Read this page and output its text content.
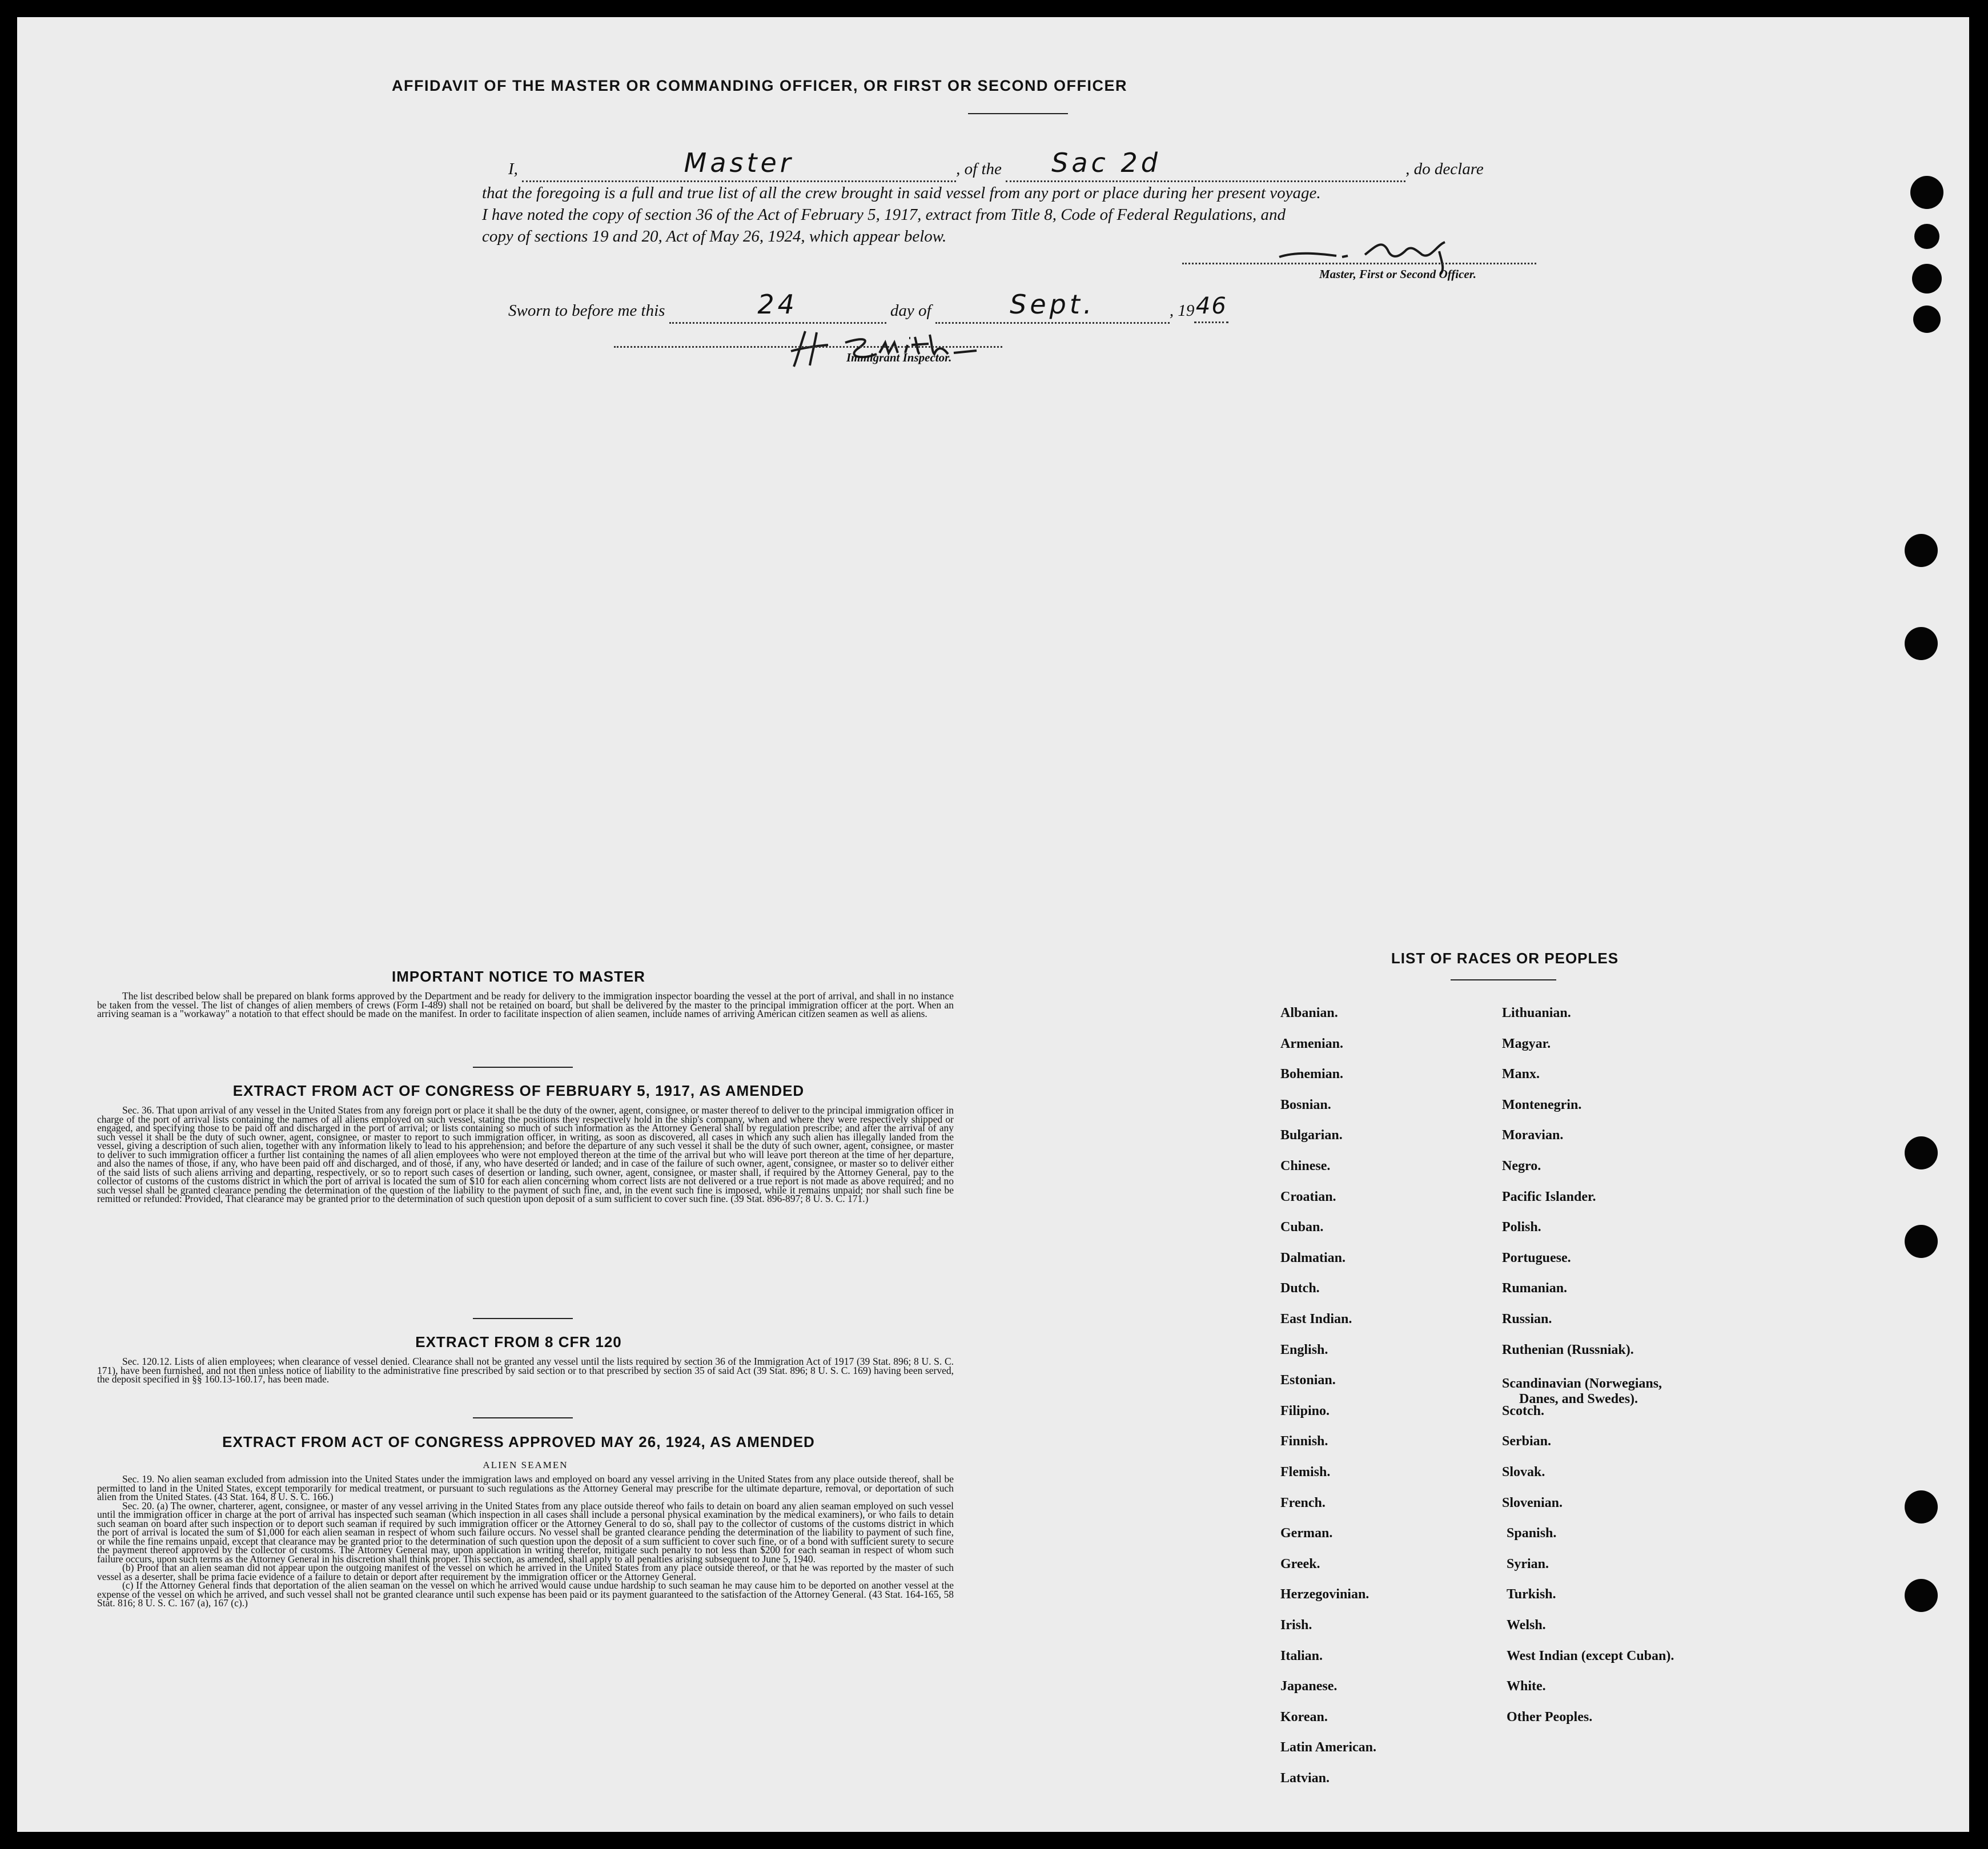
AFFIDAVIT OF THE MASTER OR COMMANDING OFFICER, OR FIRST OR SECOND OFFICER
I,	Master	, of the Sac 2d	, do declare
that the foregoing is a full and true list of all the crew brought in said vessel from any port or place during her present voyage.
I have noted the copy of section 36 of the Act of February 5, 1917, extract from Title 8, Code of Federal Regulations, and
copy of sections 19 and 20, Act of May 26, 1924, which appear below.
Master, First or Second Officer.
Sworn to before me this	24	day of	Sept.	, 1946
Immigrant Inspector.
IMPORTANT NOTICE TO MASTER

The list described below shall be prepared on blank forms approved by the Department and be ready for delivery to the immigration inspector boarding the vessel at the port of arrival, and shall in no instance be taken from the vessel. The list of changes of alien members of crews (Form I-489) shall not be retained on board, but shall be delivered by the master to the principal immigration officer at the port. When an arriving seaman is a "workaway" a notation to that effect should be made on the manifest. In order to facilitate inspection of alien seamen, include names of arriving American citizen seamen as well as aliens.

EXTRACT FROM ACT OF CONGRESS OF FEBRUARY 5, 1917, AS AMENDED

Sec. 36. That upon arrival of any vessel in the United States from any foreign port or place it shall be the duty of the owner, agent, consignee, or master thereof to deliver to the principal immigration officer in charge of the port of arrival lists containing the names of all aliens employed on such vessel, stating the positions they respectively hold in the ship's company, when and where they were respectively shipped or engaged, and specifying those to be paid off and discharged in the port of arrival; or lists containing so much of such information as the Attorney General shall by regulation prescribe; and after the arrival of any such vessel it shall be the duty of such owner, agent, consignee, or master to report to such immigration officer, in writing, as soon as discovered, all cases in which any such alien has illegally landed from the vessel, giving a description of such alien, together with any information likely to lead to his apprehension; and before the departure of any such vessel it shall be the duty of such owner, agent, consignee, or master to deliver to such immigration officer a further list containing the names of all alien employees who were not employed thereon at the time of the arrival but who will leave port thereon at the time of her departure, and also the names of those, if any, who have been paid off and discharged, and of those, if any, who have deserted or landed; and in case of the failure of such owner, agent, consignee, or master so to deliver either of the said lists of such aliens arriving and departing, respectively, or so to report such cases of desertion or landing, such owner, agent, consignee, or master shall, if required by the Attorney General, pay to the collector of customs of the customs district in which the port of arrival is located the sum of $10 for each alien concerning whom correct lists are not delivered or a true report is not made as above required; and no such vessel shall be granted clearance pending the determination of the question of the liability to the payment of such fine, and, in the event such fine is imposed, while it remains unpaid; nor shall such fine be remitted or refunded: Provided, That clearance may be granted prior to the determination of such question upon deposit of a sum sufficient to cover such fine. (39 Stat. 896-897; 8 U. S. C. 171.)

EXTRACT FROM 8 CFR 120

Sec. 120.12. Lists of alien employees; when clearance of vessel denied. Clearance shall not be granted any vessel until the lists required by section 36 of the Immigration Act of 1917 (39 Stat. 896; 8 U. S. C. 171), have been furnished, and not then unless notice of liability to the administrative fine prescribed by said section or to that prescribed by section 35 of said Act (39 Stat. 896; 8 U. S. C. 169) having been served, the deposit specified in §§ 160.13-160.17, has been made.

EXTRACT FROM ACT OF CONGRESS APPROVED MAY 26, 1924, AS AMENDED
ALIEN SEAMEN

Sec. 19. No alien seaman excluded from admission into the United States under the immigration laws and employed on board any vessel arriving in the United States from any place outside thereof, shall be permitted to land in the United States, except temporarily for medical treatment, or pursuant to such regulations as the Attorney General may prescribe for the ultimate departure, removal, or deportation of such alien from the United States. (43 Stat. 164, 8 U. S. C. 166.)

Sec. 20. (a) The owner, charterer, agent, consignee, or master of any vessel arriving in the United States from any place outside thereof who fails to detain on board any alien seaman employed on such vessel until the immigration officer in charge at the port of arrival has inspected such seaman (which inspection in all cases shall include a personal physical examination by the medical examiners), or who fails to detain such seaman on board after such inspection or to deport such seaman if required by such immigration officer or the Attorney General to do so, shall pay to the collector of customs of the customs district in which the port of arrival is located the sum of $1,000 for each alien seaman in respect of whom such failure occurs. No vessel shall be granted clearance pending the determination of the liability to payment of such fine, or while the fine remains unpaid, except that clearance may be granted prior to the determination of such question upon the deposit of a sum sufficient to cover such fine, or of a bond with sufficient surety to secure the payment thereof approved by the collector of customs. The Attorney General may, upon application in writing therefor, mitigate such penalty to not less than $200 for each seaman in respect of whom such failure occurs, upon such terms as the Attorney General in his discretion shall think proper. This section, as amended, shall apply to all penalties arising subsequent to June 5, 1940.

(b) Proof that an alien seaman did not appear upon the outgoing manifest of the vessel on which he arrived in the United States from any place outside thereof, or that he was reported by the master of such vessel as a deserter, shall be prima facie evidence of a failure to detain or deport after requirement by the immigration officer or the Attorney General.

(c) If the Attorney General finds that deportation of the alien seaman on the vessel on which he arrived would cause undue hardship to such seaman he may cause him to be deported on another vessel at the expense of the vessel on which he arrived, and such vessel shall not be granted clearance until such expense has been paid or its payment guaranteed to the satisfaction of the Attorney General. (43 Stat. 164-165, 58 Stat. 816; 8 U. S. C. 167 (a), 167 (c).)

LIST OF RACES OR PEOPLES
Albanian.
Armenian.
Bohemian.
Bosnian.
Bulgarian.
Chinese.
Croatian.
Cuban.
Dalmatian.
Dutch.
East Indian.
English.
Estonian.
Filipino.
Finnish.
Flemish.
French.
German.
Greek.
Herzegovinian.
Irish.
Italian.
Japanese.
Korean.
Latin American.
Latvian.
Lithuanian.
Magyar.
Manx.
Montenegrin.
Moravian.
Negro.
Pacific Islander.
Polish.
Portuguese.
Rumanian.
Russian.
Ruthenian (Russniak).
Scandinavian (Norwegians,
Danes, and Swedes).
Scotch.
Serbian.
Slovak.
Slovenian.
Spanish.
Syrian.
Turkish.
Welsh.
West Indian (except Cuban).
White.
Other Peoples.
